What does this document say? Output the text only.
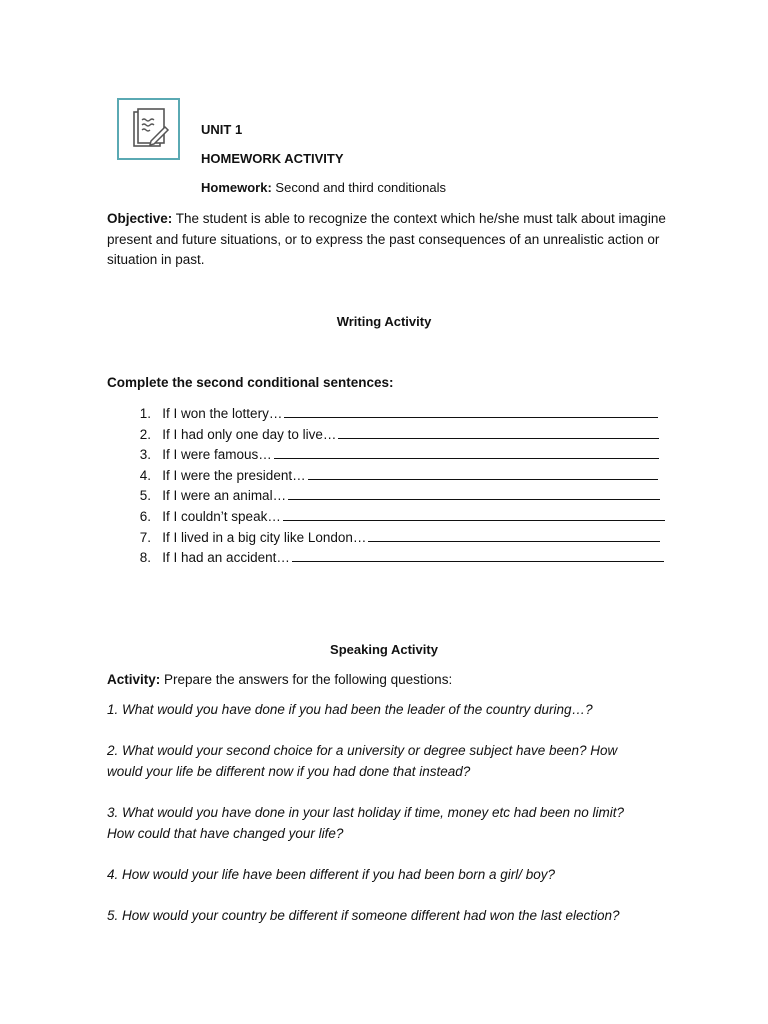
UNIT 1
HOMEWORK ACTIVITY
Homework: Second and third conditionals
Objective: The student is able to recognize the context which he/she must talk about imagine present and future situations, or to express the past consequences of an unrealistic action or situation in past.
Writing Activity
Complete the second conditional sentences:
1.
If I won the lottery…
2.
If I had only one day to live…
3.
If I were famous…
4.
If I were the president…
5.
If I were an animal…
6.
If I couldn’t speak…
7.
If I lived in a big city like London…
8.
If I had an accident…
Speaking Activity
Activity: Prepare the answers for the following questions:
1. What would you have done if you had been the leader of the country during…?
2. What would your second choice for a university or degree subject have been? How would your life be different now if you had done that instead?
3. What would you have done in your last holiday if time, money etc had been no limit? How could that have changed your life?
4. How would your life have been different if you had been born a girl/ boy?
5. How would your country be different if someone different had won the last election?
